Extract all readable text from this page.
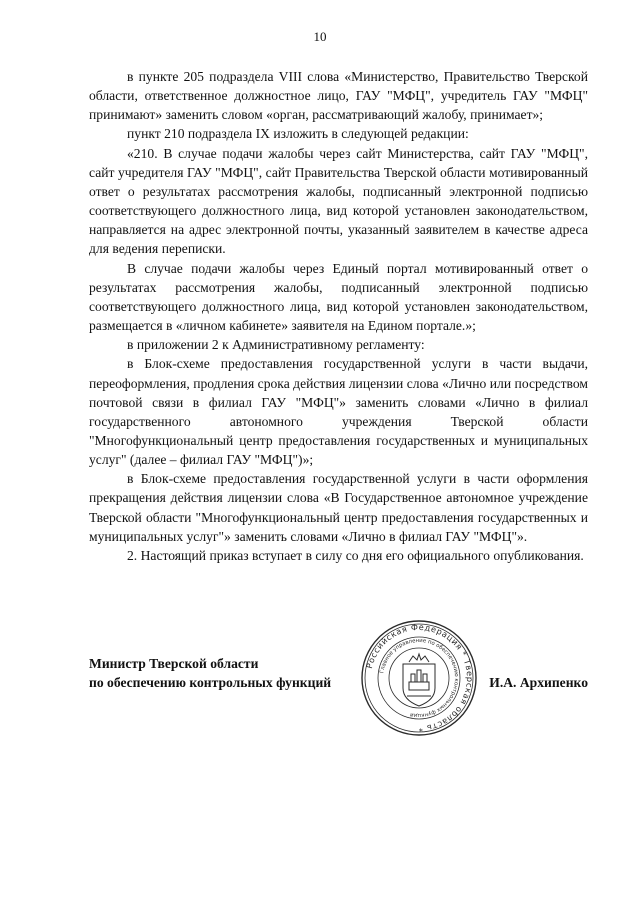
10

в пункте 205 подраздела VIII слова «Министерство, Правительство Тверской области, ответственное должностное лицо, ГАУ "МФЦ", учредитель ГАУ "МФЦ" принимают» заменить словом «орган, рассматривающий жалобу, принимает»;

пункт 210 подраздела IX изложить в следующей редакции:

«210. В случае подачи жалобы через сайт Министерства, сайт ГАУ "МФЦ", сайт учредителя ГАУ "МФЦ", сайт Правительства Тверской области мотивированный ответ о результатах рассмотрения жалобы, подписанный электронной подписью соответствующего должностного лица, вид которой установлен законодательством, направляется на адрес электронной почты, указанный заявителем в качестве адреса для ведения переписки.

В случае подачи жалобы через Единый портал мотивированный ответ о результатах рассмотрения жалобы, подписанный электронной подписью соответствующего должностного лица, вид которой установлен законодательством, размещается в «личном кабинете» заявителя на Едином портале.»;

в приложении 2 к Административному регламенту:

в Блок-схеме предоставления государственной услуги в части выдачи, переоформления, продления срока действия лицензии слова «Лично или посредством почтовой связи в филиал ГАУ "МФЦ"» заменить словами «Лично в филиал государственного автономного учреждения Тверской области "Многофункциональный центр предоставления государственных и муниципальных услуг" (далее – филиал ГАУ "МФЦ")»;

в Блок-схеме предоставления государственной услуги в части оформления прекращения действия лицензии слова «В Государственное автономное учреждение Тверской области "Многофункциональный центр предоставления государственных и муниципальных услуг"» заменить словами «Лично в филиал ГАУ "МФЦ"».

2. Настоящий приказ вступает в силу со дня его официального опубликования.

Министр Тверской области
по обеспечению контрольных функций
Российская Федерация * Тверская область *
Главное управление по обеспечению контрольных функций
И.А. Архипенко
